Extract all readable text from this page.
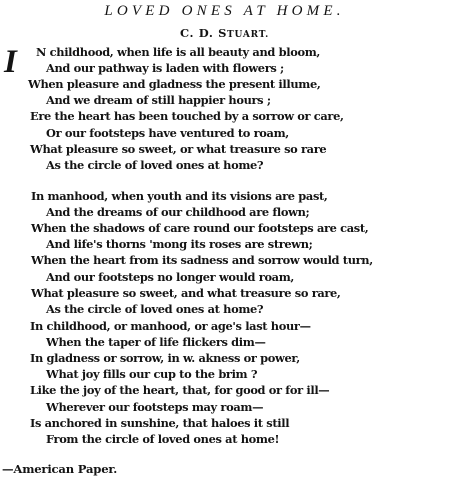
LOVED ONES AT HOME.
C. D. STUART.
I N childhood, when life is all beauty and bloom,
And our pathway is laden with flowers ;
When pleasure and gladness the present illume,
And we dream of still happier hours ;
Ere the heart has been touched by a sorrow or care,
Or our footsteps have ventured to roam,
What pleasure so sweet, or what treasure so rare
As the circle of loved ones at home?
In manhood, when youth and its visions are past,
And the dreams of our childhood are flown;
When the shadows of care round our footsteps are cast,
And life's thorns 'mong its roses are strewn;
When the heart from its sadness and sorrow would turn,
And our footsteps no longer would roam,
What pleasure so sweet, and what treasure so rare,
As the circle of loved ones at home?
In childhood, or manhood, or age's last hour—
When the taper of life flickers dim—
In gladness or sorrow, in w. akness or power,
What joy fills our cup to the brim ?
Like the joy of the heart, that, for good or for ill—
Wherever our footsteps may roam—
Is anchored in sunshine, that haloes it still
From the circle of loved ones at home!
—American Paper.
